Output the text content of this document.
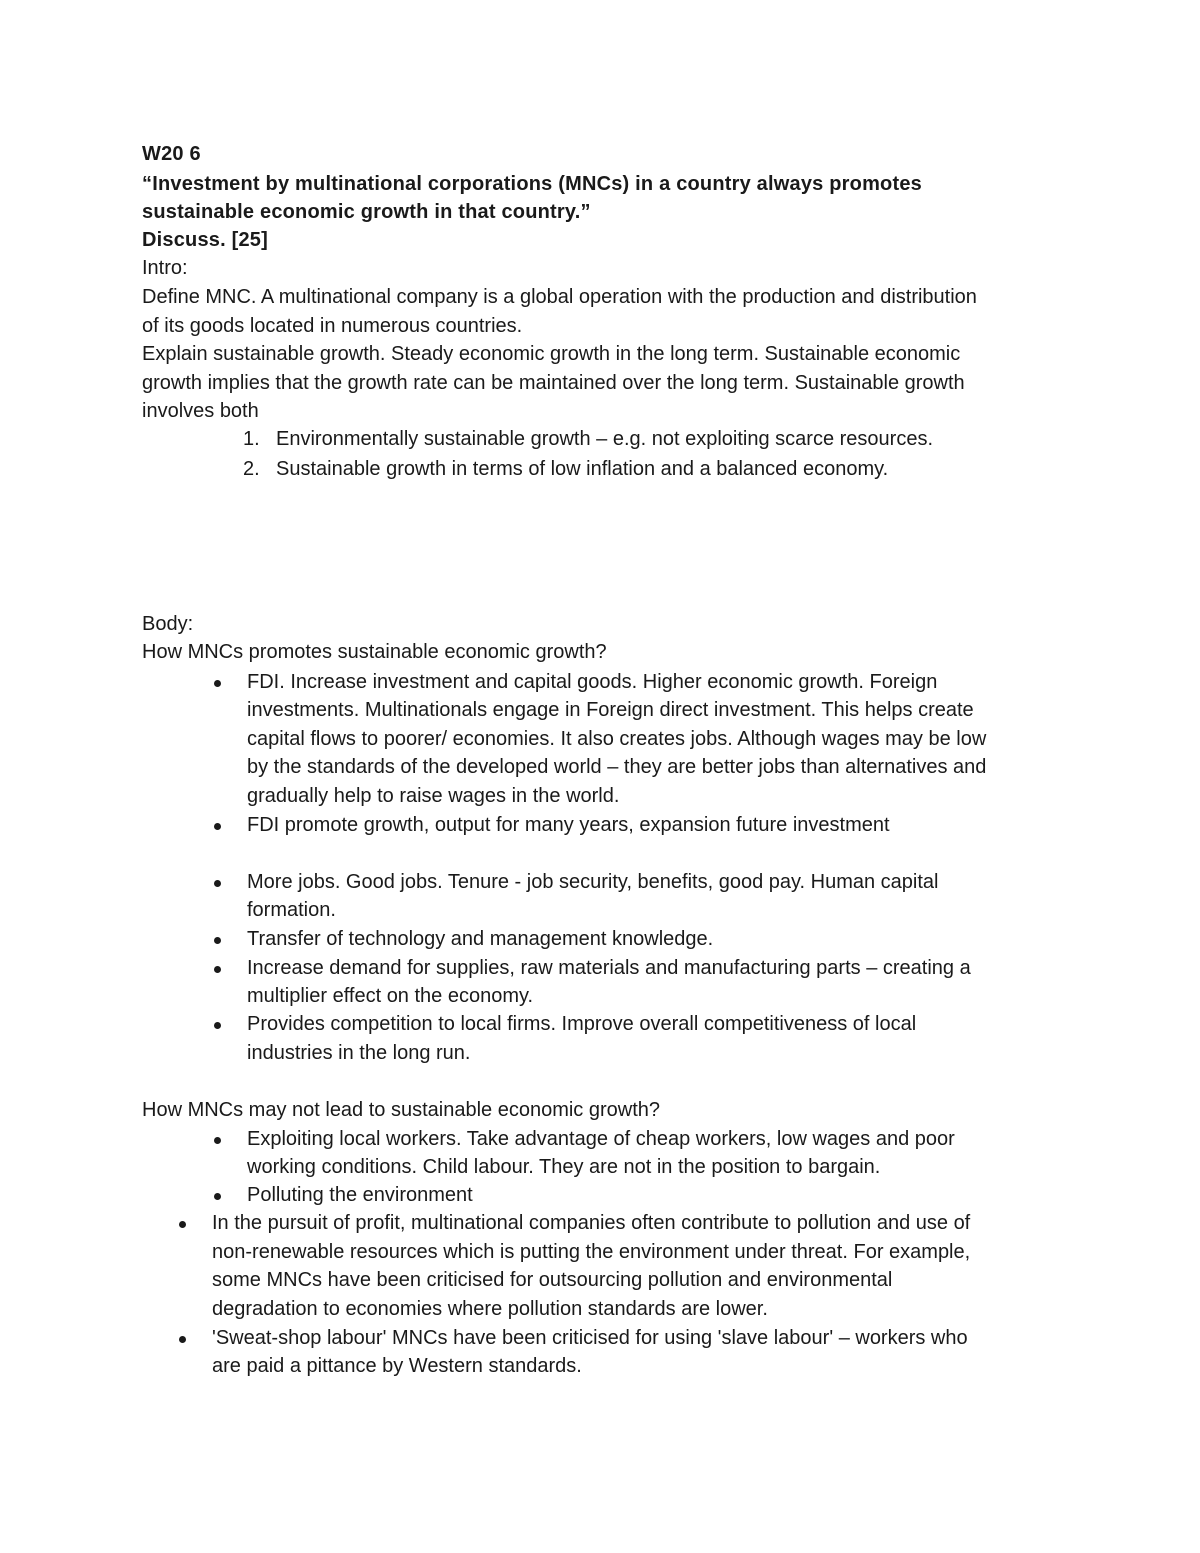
W20 6
“Investment by multinational corporations (MNCs) in a country always promotes
sustainable economic growth in that country.”
Discuss. [25]
Intro:
Define MNC. A multinational company is a global operation with the production and distribution
of its goods located in numerous countries.
Explain sustainable growth. Steady economic growth in the long term. Sustainable economic
growth implies that the growth rate can be maintained over the long term. Sustainable growth
involves both
1. Environmentally sustainable growth – e.g. not exploiting scarce resources.
2. Sustainable growth in terms of low inflation and a balanced economy.
Body:
How MNCs promotes sustainable economic growth?
FDI. Increase investment and capital goods. Higher economic growth. Foreign
investments. Multinationals engage in Foreign direct investment. This helps create
capital flows to poorer/ economies. It also creates jobs. Although wages may be low
by the standards of the developed world – they are better jobs than alternatives and
gradually help to raise wages in the world.
FDI promote growth, output for many years, expansion future investment
More jobs. Good jobs. Tenure - job security, benefits, good pay. Human capital
formation.
Transfer of technology and management knowledge.
Increase demand for supplies, raw materials and manufacturing parts – creating a
multiplier effect on the economy.
Provides competition to local firms. Improve overall competitiveness of local
industries in the long run.
How MNCs may not lead to sustainable economic growth?
Exploiting local workers. Take advantage of cheap workers, low wages and poor
working conditions. Child labour. They are not in the position to bargain.
Polluting the environment
In the pursuit of profit, multinational companies often contribute to pollution and use of
non-renewable resources which is putting the environment under threat. For example,
some MNCs have been criticised for outsourcing pollution and environmental
degradation to economies where pollution standards are lower.
'Sweat-shop labour' MNCs have been criticised for using 'slave labour' – workers who
are paid a pittance by Western standards.
